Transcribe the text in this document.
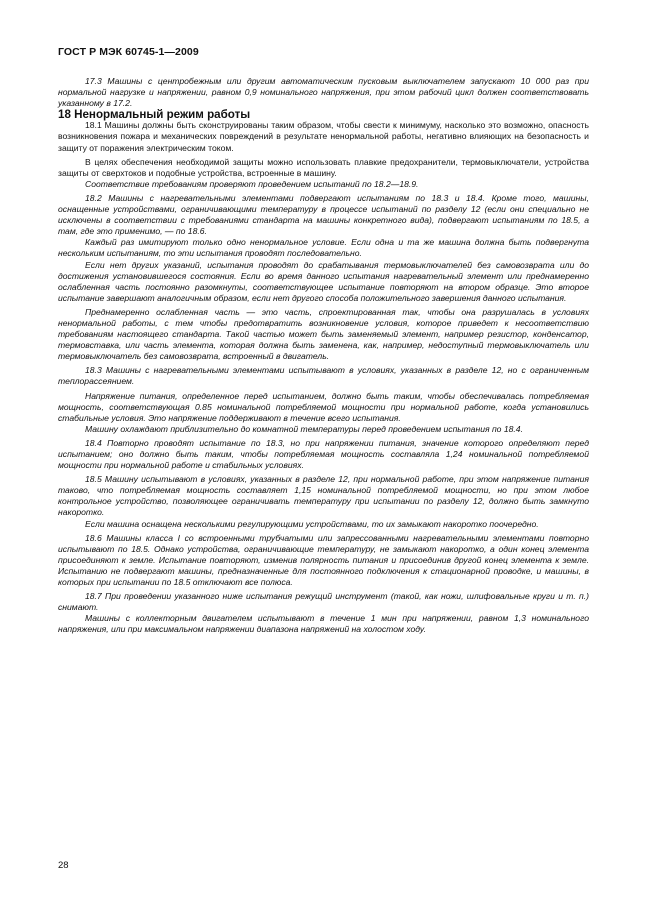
ГОСТ Р МЭК 60745-1—2009

17.3 Машины с центробежным или другим автоматическим пусковым выключателем запускают 10 000 раз при нормальной нагрузке и напряжении, равном 0,9 номинального напряжения, при этом рабочий цикл должен соответствовать указанному в 17.2.

18 Ненормальный режим работы

18.1 Машины должны быть сконструированы таким образом, чтобы свести к минимуму, насколько это возможно, опасность возникновения пожара и механических повреждений в результате ненормальной работы, негативно влияющих на безопасность и защиту от поражения электрическим током.

В целях обеспечения необходимой защиты можно использовать плавкие предохранители, термовыключатели, устройства защиты от сверхтоков и подобные устройства, встроенные в машину.

Соответствие требованиям проверяют проведением испытаний по 18.2—18.9.

18.2 Машины с нагревательными элементами подвергают испытаниям по 18.3 и 18.4. Кроме того, машины, оснащенные устройствами, ограничивающими температуру в процессе испытаний по разделу 12 (если они специально не исключены в соответствии с требованиями стандарта на машины конкретного вида), подвергают испытаниям по 18.5, а там, где это применимо, — по 18.6.

Каждый раз имитируют только одно ненормальное условие. Если одна и та же машина должна быть подвергнута нескольким испытаниям, то эти испытания проводят последовательно.

Если нет других указаний, испытания проводят до срабатывания термовыключателей без самовозврата или до достижения установившегося состояния. Если во время данного испытания нагревательный элемент или преднамеренно ослабленная часть постоянно разомкнуты, соответствующее испытание повторяют на втором образце. Это второе испытание завершают аналогичным образом, если нет другого способа положительного завершения данного испытания.

Преднамеренно ослабленная часть — это часть, спроектированная так, чтобы она разрушалась в условиях ненормальной работы, с тем чтобы предотвратить возникновение условия, которое приведет к несоответствию требованиям настоящего стандарта. Такой частью может быть заменяемый элемент, например резистор, конденсатор, термовставка, или часть элемента, которая должна быть заменена, как, например, недоступный термовыключатель или термовыключатель без самовозврата, встроенный в двигатель.

18.3 Машины с нагревательными элементами испытывают в условиях, указанных в разделе 12, но с ограниченным теплорассеянием.

Напряжение питания, определенное перед испытанием, должно быть таким, чтобы обеспечивалась потребляемая мощность, соответствующая 0.85 номинальной потребляемой мощности при нормальной работе, когда установились стабильные условия. Это напряжение поддерживают в течение всего испытания.

Машину охлаждают приблизительно до комнатной температуры перед проведением испытания по 18.4.

18.4 Повторно проводят испытание по 18.3, но при напряжении питания, значение которого определяют перед испытанием; оно должно быть таким, чтобы потребляемая мощность составляла 1,24 номинальной потребляемой мощности при нормальной работе и стабильных условиях.

18.5 Машину испытывают в условиях, указанных в разделе 12, при нормальной работе, при этом напряжение питания таково, что потребляемая мощность составляет 1,15 номинальной потребляемой мощности, но при этом любое контрольное устройство, позволяющее ограничивать температуру при испытании по разделу 12, должно быть замкнуто накоротко.

Если машина оснащена несколькими регулирующими устройствами, то их замыкают накоротко поочередно.

18.6 Машины класса I со встроенными трубчатыми или запрессованными нагревательными элементами повторно испытывают по 18.5. Однако устройства, ограничивающие температуру, не замыкают накоротко, а один конец элемента присоединяют к земле. Испытание повторяют, изменив полярность питания и присоединив другой конец элемента к земле. Испытанию не подвергают машины, предназначенные для постоянного подключения к стационарной проводке, и машины, в которых при испытании по 18.5 отключают все полюса.

18.7 При проведении указанного ниже испытания режущий инструмент (такой, как ножи, шлифовальные круги и т. п.) снимают.

Машины с коллекторным двигателем испытывают в течение 1 мин при напряжении, равном 1,3 номинального напряжения, или при максимальном напряжении диапазона напряжений на холостом ходу.

28
